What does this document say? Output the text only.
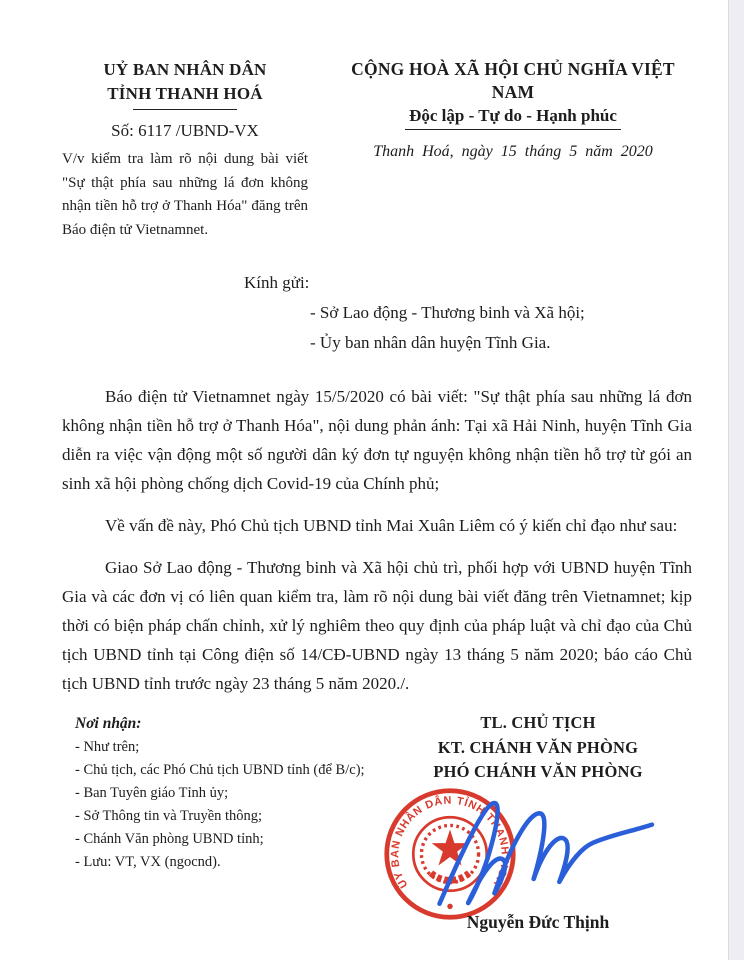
UỶ BAN NHÂN DÂN
TỈNH THANH HOÁ
Số: 6117 /UBND-VX
V/v kiểm tra làm rõ nội dung bài viết "Sự thật phía sau những lá đơn không nhận tiền hỗ trợ ở Thanh Hóa" đăng trên Báo điện tử Vietnamnet.
CỘNG HOÀ XÃ HỘI CHỦ NGHĨA VIỆT NAM
Độc lập - Tự do - Hạnh phúc
Thanh Hoá, ngày 15 tháng 5 năm 2020
Kính gửi:
- Sở Lao động - Thương binh và Xã hội;
- Ủy ban nhân dân huyện Tĩnh Gia.

Báo điện tử Vietnamnet ngày 15/5/2020 có bài viết: "Sự thật phía sau những lá đơn không nhận tiền hỗ trợ ở Thanh Hóa", nội dung phản ánh: Tại xã Hải Ninh, huyện Tĩnh Gia diễn ra việc vận động một số người dân ký đơn tự nguyện không nhận tiền hỗ trợ từ gói an sinh xã hội phòng chống dịch Covid-19 của Chính phủ;

Về vấn đề này, Phó Chủ tịch UBND tỉnh Mai Xuân Liêm có ý kiến chỉ đạo như sau:

Giao Sở Lao động - Thương binh và Xã hội chủ trì, phối hợp với UBND huyện Tĩnh Gia và các đơn vị có liên quan kiểm tra, làm rõ nội dung bài viết đăng trên Vietnamnet; kịp thời có biện pháp chấn chỉnh, xử lý nghiêm theo quy định của pháp luật và chỉ đạo của Chủ tịch UBND tỉnh tại Công điện số 14/CĐ-UBND ngày 13 tháng 5 năm 2020; báo cáo Chủ tịch UBND tỉnh trước ngày 23 tháng 5 năm 2020./.

Nơi nhận:
- Như trên;
- Chủ tịch, các Phó Chủ tịch UBND tỉnh (để B/c);
- Ban Tuyên giáo Tỉnh ủy;
- Sở Thông tin và Truyền thông;
- Chánh Văn phòng UBND tỉnh;
- Lưu: VT, VX (ngocnd).
TL. CHỦ TỊCH
KT. CHÁNH VĂN PHÒNG
PHÓ CHÁNH VĂN PHÒNG
ỦY BAN NHÂN DÂN TỈNH THANH HOÁ
Nguyễn Đức Thịnh
